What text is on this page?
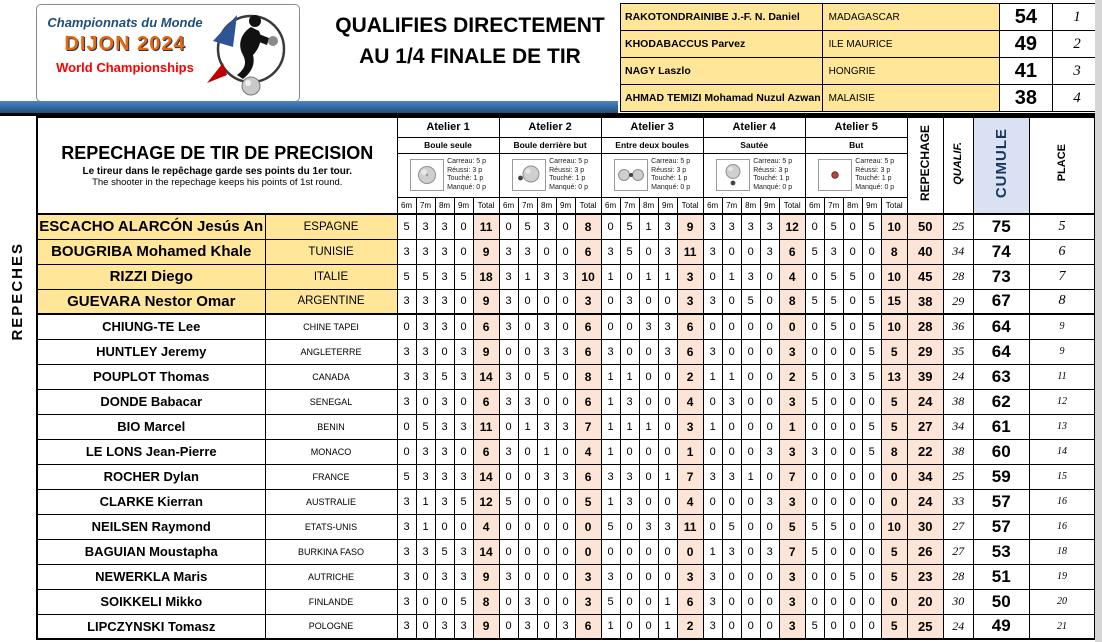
Championnats du Monde
DIJON 2024
World Championships
QUALIFIES DIRECTEMENT
AU 1/4 FINALE DE TIR
RAKOTONDRAINIBE J.-F. N. Daniel	MADAGASCAR	54	1
KHODABACCUS Parvez	ILE MAURICE	49	2
NAGY Laszlo	HONGRIE	41	3
AHMAD TEMIZI Mohamad Nuzul Azwan	MALAISIE	38	4
REPECHES
REPECHAGE DE TIR DE PRECISION
Le tireur dans le repêchage garde ses points du 1er tour.
The shooter in the repechage keeps his points of 1st round.		Atelier 1					Atelier 2					Atelier 3					Atelier 4					Atelier 5					REPECHAGE	QUALIF.	CUMULE	PLACE
		Boule seule					Boule derrière but					Entre deux boules					Sautée					But								

Carreau: 5 p
Réussi: 3 p
Touché: 1 p
Manqué: 0 p

Carreau: 5 p
Réussi: 3 p
Touché: 1 p
Manqué: 0 p

Carreau: 5 p
Réussi: 3 p
Touché: 1 p
Manqué: 0 p

Carreau: 5 p
Réussi: 3 p
Touché: 1 p
Manqué: 0 p

Carreau: 5 p
Réussi: 3 p
Touché: 1 p
Manqué: 0 p

		6m	7m	8m	9m	Total	6m	7m	8m	9m	Total	6m	7m	8m	9m	Total	6m	7m	8m	9m	Total	6m	7m	8m	9m	Total				
ESCACHO ALARCÓN Jesús An	ESPAGNE	5	3	3	0	11	0	5	3	0	8	0	5	1	3	9	3	3	3	3	12	0	5	0	5	10	50	25	75	5
BOUGRIBA Mohamed Khale	TUNISIE	3	3	3	0	9	3	3	0	0	6	3	5	0	3	11	3	0	0	3	6	5	3	0	0	8	40	34	74	6
RIZZI Diego	ITALIE	5	5	3	5	18	3	1	3	3	10	1	0	1	1	3	0	1	3	0	4	0	5	5	0	10	45	28	73	7
GUEVARA Nestor Omar	ARGENTINE	3	3	3	0	9	3	0	0	0	3	0	3	0	0	3	3	0	5	0	8	5	5	0	5	15	38	29	67	8
CHIUNG-TE Lee	CHINE TAPEI	0	3	3	0	6	3	0	3	0	6	0	0	3	3	6	0	0	0	0	0	0	5	0	5	10	28	36	64	9
HUNTLEY Jeremy	ANGLETERRE	3	3	0	3	9	0	0	3	3	6	3	0	0	3	6	3	0	0	0	3	0	0	0	5	5	29	35	64	9
POUPLOT Thomas	CANADA	3	3	5	3	14	3	0	5	0	8	1	1	0	0	2	1	1	0	0	2	5	0	3	5	13	39	24	63	11
DONDE Babacar	SENEGAL	3	0	3	0	6	3	3	0	0	6	1	3	0	0	4	0	3	0	0	3	5	0	0	0	5	24	38	62	12
BIO Marcel	BENIN	0	5	3	3	11	0	1	3	3	7	1	1	1	0	3	1	0	0	0	1	0	0	0	5	5	27	34	61	13
LE LONS Jean-Pierre	MONACO	0	3	3	0	6	3	0	1	0	4	1	0	0	0	1	0	0	0	3	3	3	0	0	5	8	22	38	60	14
ROCHER Dylan	FRANCE	5	3	3	3	14	0	0	3	3	6	3	3	0	1	7	3	3	1	0	7	0	0	0	0	0	34	25	59	15
CLARKE Kierran	AUSTRALIE	3	1	3	5	12	5	0	0	0	5	1	3	0	0	4	0	0	0	3	3	0	0	0	0	0	24	33	57	16
NEILSEN Raymond	ETATS-UNIS	3	1	0	0	4	0	0	0	0	0	5	0	3	3	11	0	5	0	0	5	5	5	0	0	10	30	27	57	16
BAGUIAN Moustapha	BURKINA FASO	3	3	5	3	14	0	0	0	0	0	0	0	0	0	0	1	3	0	3	7	5	0	0	0	5	26	27	53	18
NEWERKLA Maris	AUTRICHE	3	0	3	3	9	3	0	0	0	3	3	0	0	0	3	3	0	0	0	3	0	0	5	0	5	23	28	51	19
SOIKKELI Mikko	FINLANDE	3	0	0	5	8	0	3	0	0	3	5	0	0	1	6	3	0	0	0	3	0	0	0	0	0	20	30	50	20
LIPCZYNSKI Tomasz	POLOGNE	3	0	3	3	9	0	3	0	3	6	1	0	0	1	2	3	0	0	0	3	5	0	0	0	5	25	24	49	21
